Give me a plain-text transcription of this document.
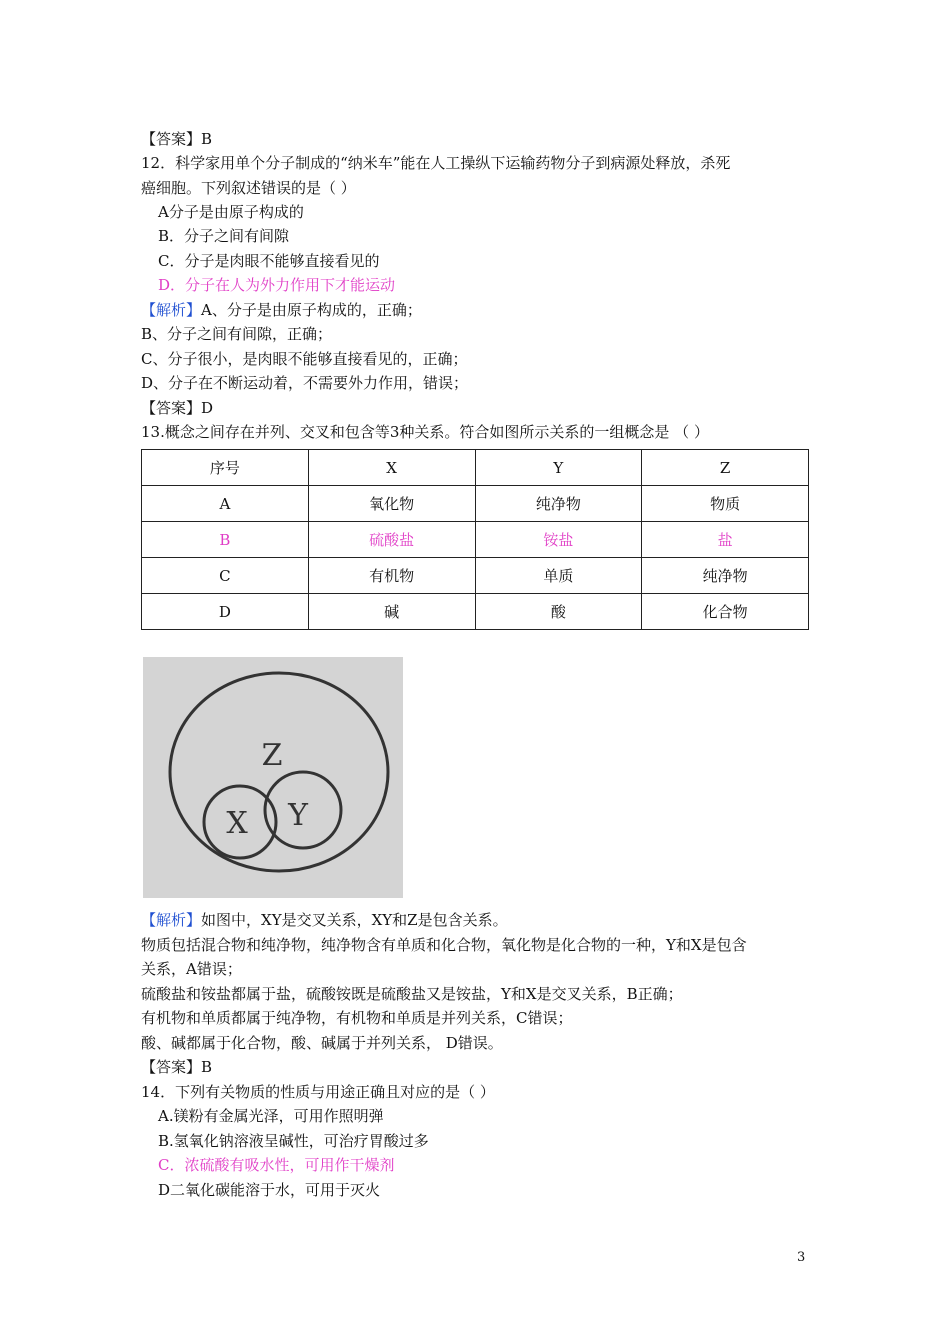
【答案】B
12．科学家用单个分子制成的“纳米车”能在人工操纵下运输药物分子到病源处释放，杀死
癌细胞。下列叙述错误的是（ ）
A分子是由原子构成的
B．分子之间有间隙
C．分子是肉眼不能够直接看见的
D．分子在人为外力作用下才能运动
【解析】A、分子是由原子构成的，正确；
B、分子之间有间隙，正确；
C、分子很小，是肉眼不能够直接看见的，正确；
D、分子在不断运动着，不需要外力作用，错误；
【答案】D
13.概念之间存在并列、交叉和包含等3种关系。符合如图所示关系的一组概念是 （ ）
序号	X	Y	Z
A	氧化物	纯净物	物质
B	硫酸盐	铵盐	盐
C	有机物	单质	纯净物
D	碱	酸	化合物
Z
X Y
【解析】如图中，XY是交叉关系，XY和Z是包含关系。
物质包括混合物和纯净物，纯净物含有单质和化合物，氧化物是化合物的一种，Y和X是包含
关系，A错误；
硫酸盐和铵盐都属于盐，硫酸铵既是硫酸盐又是铵盐，Y和X是交叉关系，B正确；
有机物和单质都属于纯净物，有机物和单质是并列关系，C错误；
酸、碱都属于化合物，酸、碱属于并列关系， D错误。
【答案】B
14．下列有关物质的性质与用途正确且对应的是（ ）
A.镁粉有金属光泽，可用作照明弹
B.氢氧化钠溶液呈碱性，可治疗胃酸过多
C．浓硫酸有吸水性，可用作干燥剂
D二氧化碳能溶于水，可用于灭火
3
